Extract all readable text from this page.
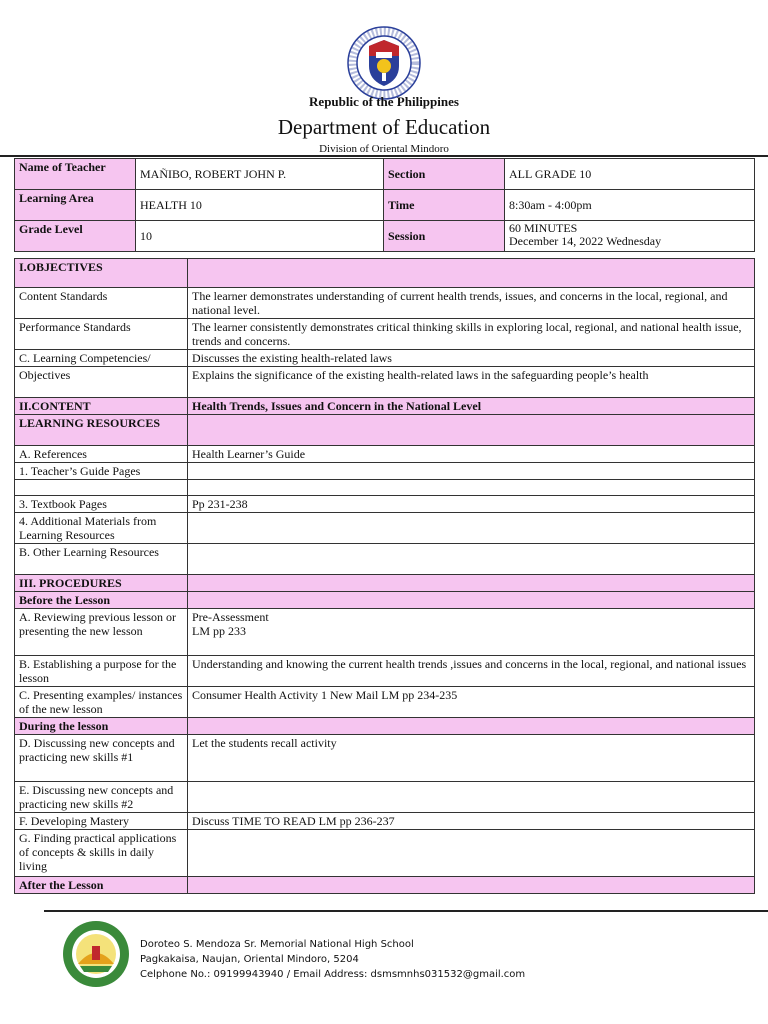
Republic of the Philippines
Department of Education
Division of Oriental Mindoro
Name of Teacher	MAÑIBO, ROBERT JOHN P.	Section	ALL GRADE 10
Learning Area	HEALTH 10	Time	8:30am - 4:00pm
Grade Level	10	Session	60 MINUTES
December 14, 2022 Wednesday
I.OBJECTIVES	
Content Standards	The learner demonstrates understanding of current health trends, issues, and concerns in the local, regional, and national level.
Performance Standards	The learner consistently demonstrates critical thinking skills in exploring local, regional, and national health issue, trends and concerns.
C. Learning Competencies/	Discusses the existing health-related laws
Objectives	Explains the significance of the existing health-related laws in the safeguarding people’s health
II.CONTENT	Health Trends, Issues and Concern in the National Level
LEARNING RESOURCES	
A. References	Health Learner’s Guide
1. Teacher’s Guide Pages	

3. Textbook Pages	Pp 231-238
4. Additional Materials from Learning Resources	
B. Other Learning Resources	
III. PROCEDURES	
Before the Lesson	
A. Reviewing previous lesson or presenting the new lesson	Pre-Assessment
LM pp 233
B. Establishing a purpose for the lesson	Understanding and knowing the current health trends ,issues and concerns in the local, regional, and national issues
C. Presenting examples/ instances of the new lesson	Consumer Health Activity 1 New Mail LM pp 234-235
During the lesson	
D. Discussing new concepts and practicing new skills #1	Let the students recall activity
E. Discussing new concepts and practicing new skills #2	
F. Developing Mastery	Discuss TIME TO READ LM pp 236-237
G. Finding practical applications of concepts & skills in daily living	
After the Lesson	
Doroteo S. Mendoza Sr. Memorial National High School
Pagkakaisa, Naujan, Oriental Mindoro, 5204
Celphone No.: 09199943940 / Email Address: dsmsmnhs031532@gmail.com
